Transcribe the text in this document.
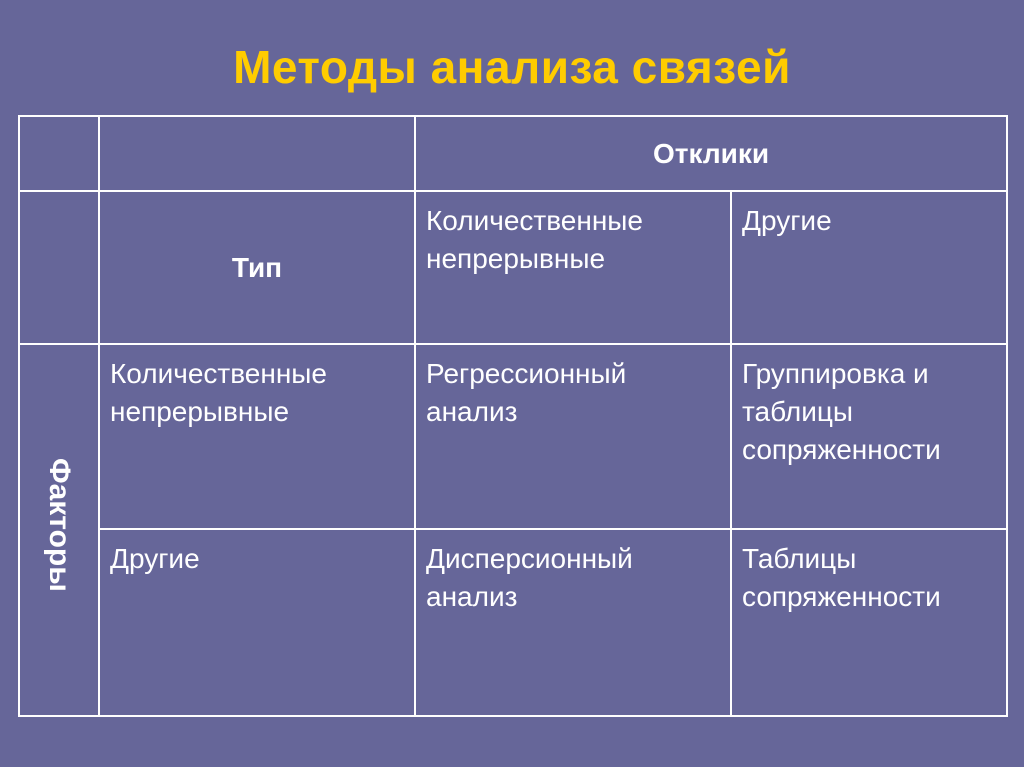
Методы анализа связей
		Отклики	
	Тип	Количественные непрерывные	Другие

Факторы	Количественные непрерывные	Регрессионный анализ	Группировка и таблицы сопряженности

	Другие	Дисперсионный анализ	Таблицы сопряженности
